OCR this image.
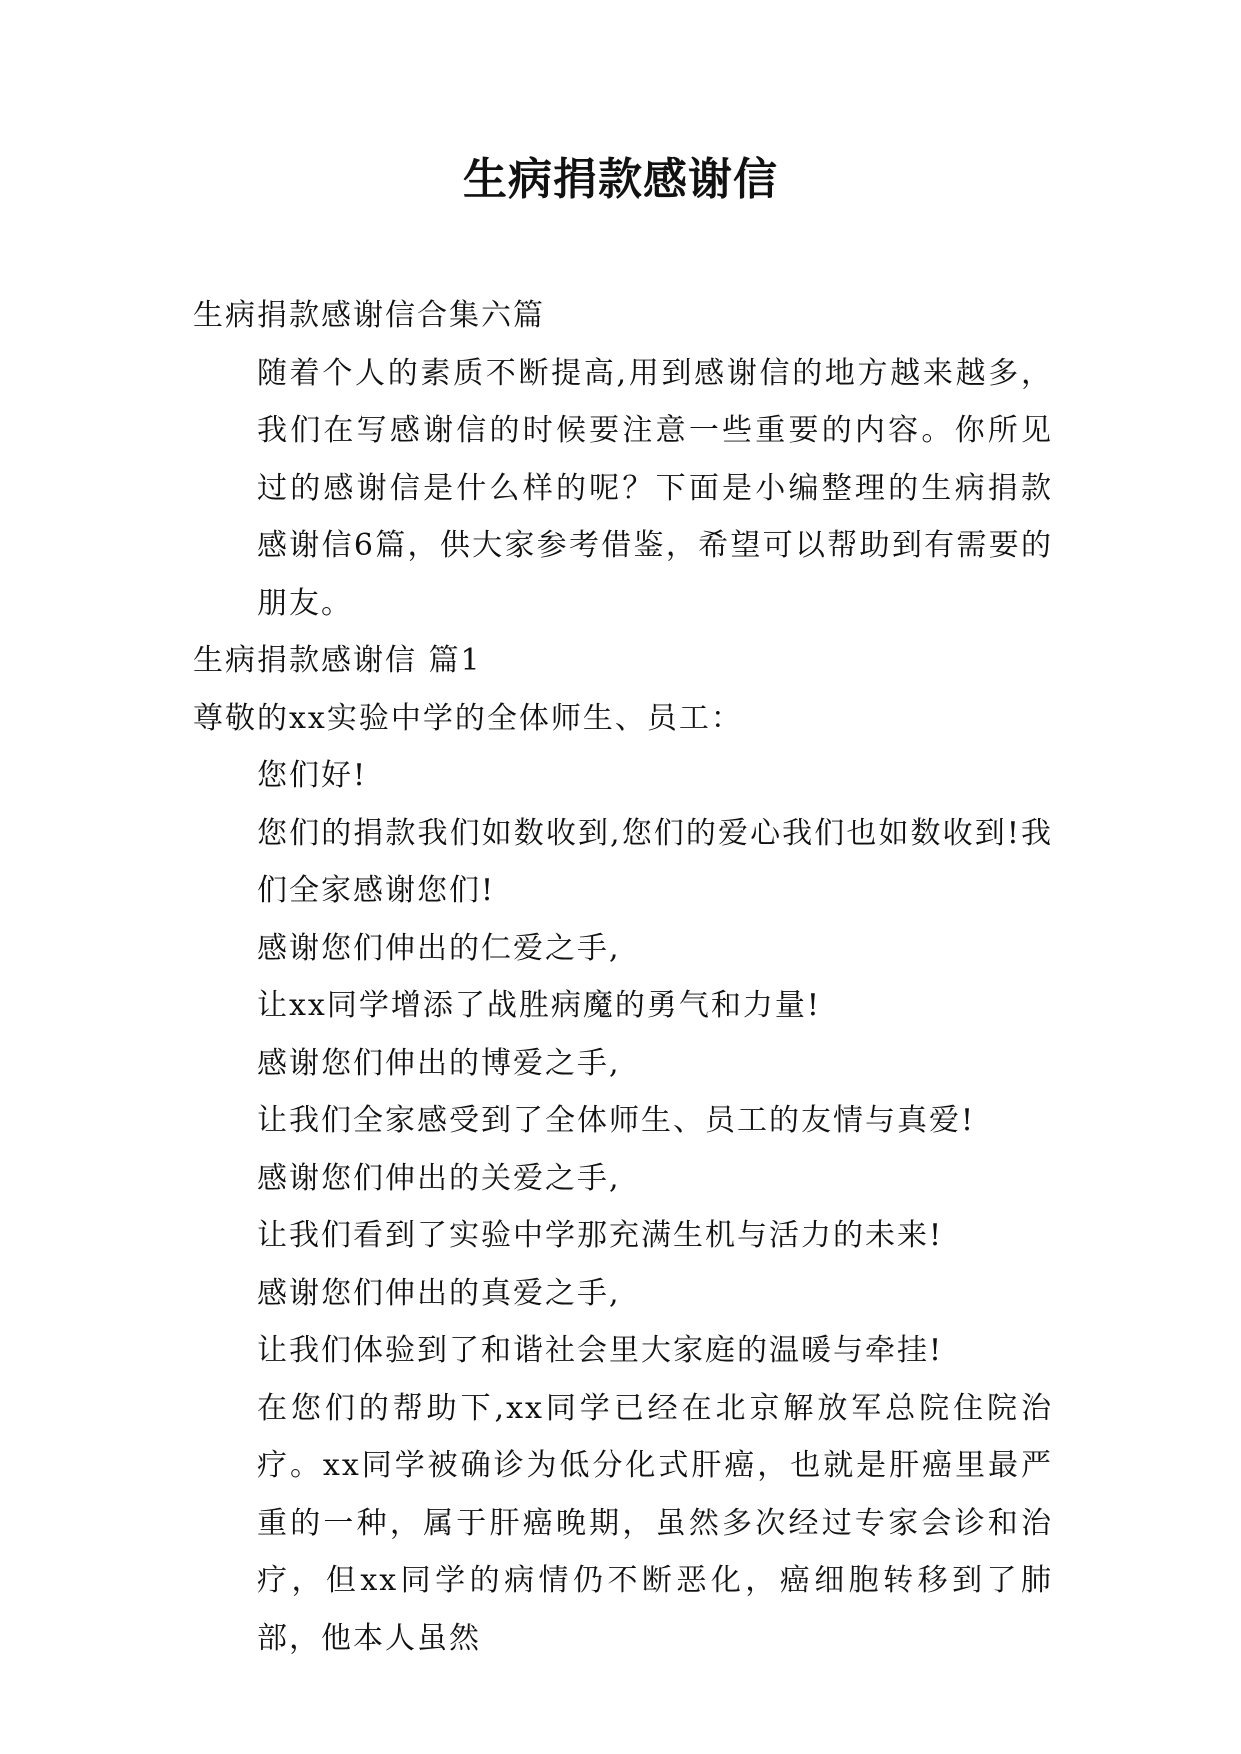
生病捐款感谢信

生病捐款感谢信合集六篇

随着个人的素质不断提高,用到感谢信的地方越来越多，我们在写感谢信的时候要注意一些重要的内容。你所见过的感谢信是什么样的呢？下面是小编整理的生病捐款感谢信6篇，供大家参考借鉴，希望可以帮助到有需要的朋友。

生病捐款感谢信 篇1

尊敬的xx实验中学的全体师生、员工：

您们好!

您们的捐款我们如数收到,您们的爱心我们也如数收到!我们全家感谢您们!

感谢您们伸出的仁爱之手,

让xx同学增添了战胜病魔的勇气和力量!

感谢您们伸出的博爱之手,

让我们全家感受到了全体师生、员工的友情与真爱!

感谢您们伸出的关爱之手,

让我们看到了实验中学那充满生机与活力的未来!

感谢您们伸出的真爱之手,

让我们体验到了和谐社会里大家庭的温暖与牵挂!

在您们的帮助下,xx同学已经在北京解放军总院住院治疗。xx同学被确诊为低分化式肝癌，也就是肝癌里最严重的一种，属于肝癌晚期，虽然多次经过专家会诊和治疗，但xx同学的病情仍不断恶化，癌细胞转移到了肺部，他本人虽然
